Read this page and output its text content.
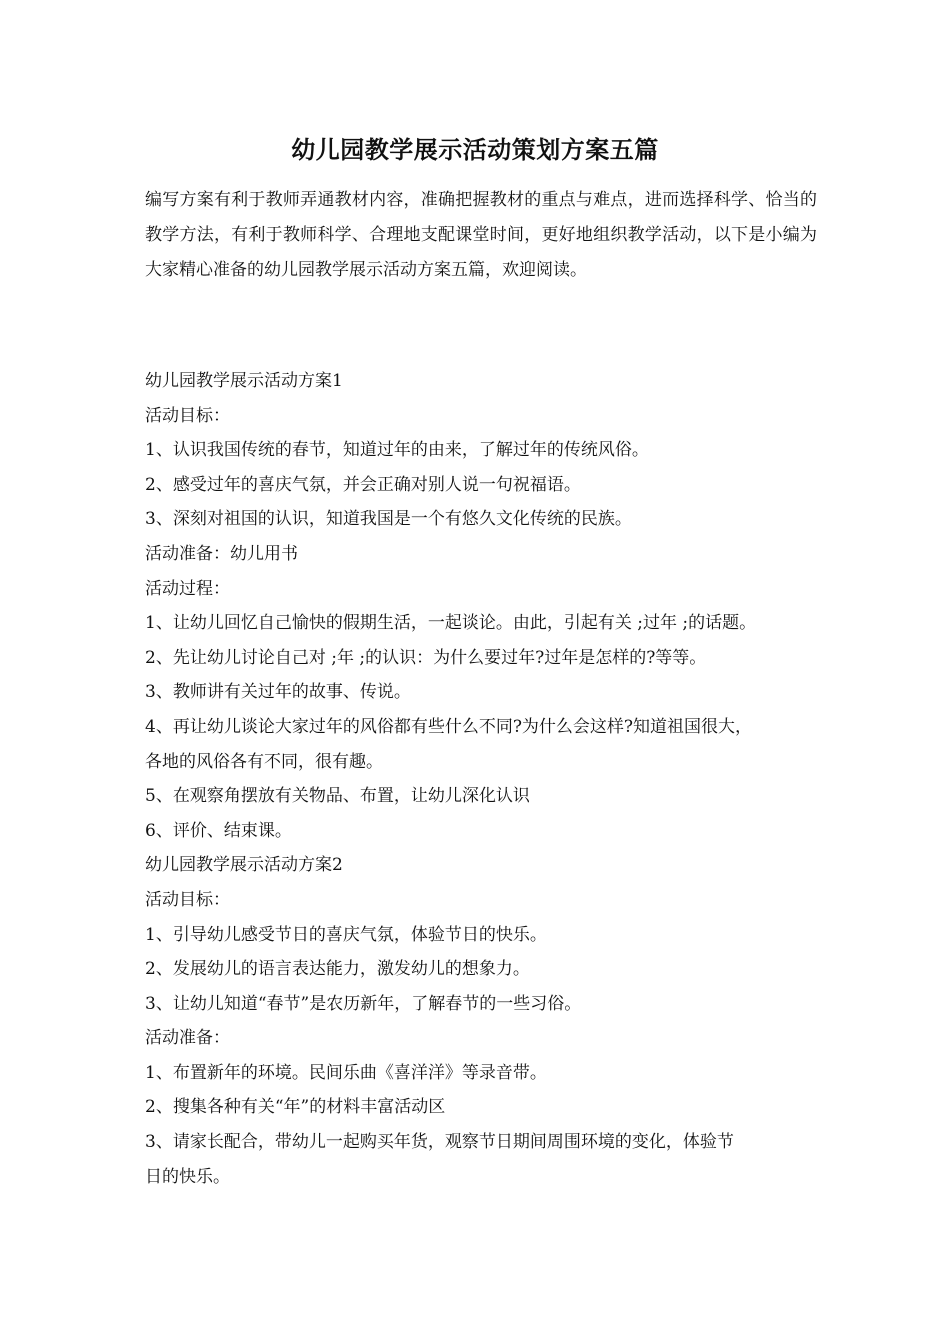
幼儿园教学展示活动策划方案五篇

编写方案有利于教师弄通教材内容，准确把握教材的重点与难点，进而选择科学、恰当的教学方法，有利于教师科学、合理地支配课堂时间，更好地组织教学活动，以下是小编为大家精心准备的幼儿园教学展示活动方案五篇，欢迎阅读。

幼儿园教学展示活动方案1
活动目标：
1、认识我国传统的春节，知道过年的由来，了解过年的传统风俗。
2、感受过年的喜庆气氛，并会正确对别人说一句祝福语。
3、深刻对祖国的认识，知道我国是一个有悠久文化传统的民族。
活动准备：幼儿用书
活动过程：
1、让幼儿回忆自己愉快的假期生活，一起谈论。由此，引起有关 ;过年 ;的话题。
2、先让幼儿讨论自己对 ;年 ;的认识：为什么要过年?过年是怎样的?等等。
3、教师讲有关过年的故事、传说。
4、再让幼儿谈论大家过年的风俗都有些什么不同?为什么会这样?知道祖国很大，
各地的风俗各有不同，很有趣。
5、在观察角摆放有关物品、布置，让幼儿深化认识
6、评价、结束课。
幼儿园教学展示活动方案2
活动目标：
1、引导幼儿感受节日的喜庆气氛，体验节日的快乐。
2、发展幼儿的语言表达能力，激发幼儿的想象力。
3、让幼儿知道“春节”是农历新年，了解春节的一些习俗。
活动准备：
1、布置新年的环境。民间乐曲《喜洋洋》等录音带。
2、搜集各种有关“年”的材料丰富活动区
3、请家长配合，带幼儿一起购买年货，观察节日期间周围环境的变化，体验节
日的快乐。
